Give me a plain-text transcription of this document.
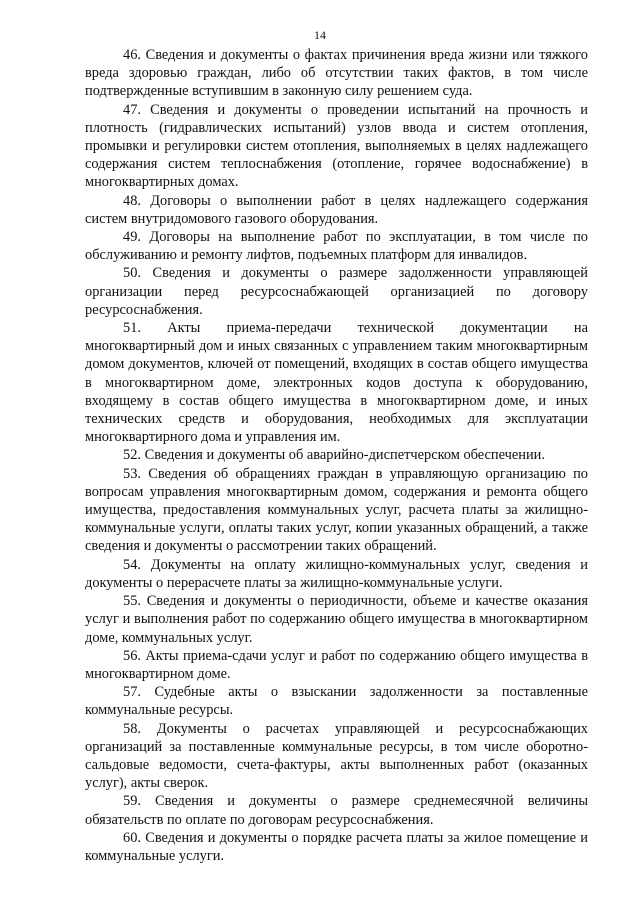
14

46. Сведения и документы о фактах причинения вреда жизни или тяжкого вреда здоровью граждан, либо об отсутствии таких фактов, в том числе подтвержденные вступившим в законную силу решением суда.

47. Сведения и документы о проведении испытаний на прочность и плотность (гидравлических испытаний) узлов ввода и систем отопления, промывки и регулировки систем отопления, выполняемых в целях надлежащего содержания систем теплоснабжения (отопление, горячее водоснабжение) в многоквартирных домах.

48. Договоры о выполнении работ в целях надлежащего содержания систем внутридомового газового оборудования.

49. Договоры на выполнение работ по эксплуатации, в том числе по обслуживанию и ремонту лифтов, подъемных платформ для инвалидов.

50. Сведения и документы о размере задолженности управляющей организации перед ресурсоснабжающей организацией по договору ресурсоснабжения.

51. Акты приема-передачи технической документации на многоквартирный дом и иных связанных с управлением таким многоквартирным домом документов, ключей от помещений, входящих в состав общего имущества в многоквартирном доме, электронных кодов доступа к оборудованию, входящему в состав общего имущества в многоквартирном доме, и иных технических средств и оборудования, необходимых для эксплуатации многоквартирного дома и управления им.

52. Сведения и документы об аварийно-диспетчерском обеспечении.

53. Сведения об обращениях граждан в управляющую организацию по вопросам управления многоквартирным домом, содержания и ремонта общего имущества, предоставления коммунальных услуг, расчета платы за жилищно-коммунальные услуги, оплаты таких услуг, копии указанных обращений, а также сведения и документы о рассмотрении таких обращений.

54. Документы на оплату жилищно-коммунальных услуг, сведения и документы о перерасчете платы за жилищно-коммунальные услуги.

55. Сведения и документы о периодичности, объеме и качестве оказания услуг и выполнения работ по содержанию общего имущества в многоквартирном доме, коммунальных услуг.

56. Акты приема-сдачи услуг и работ по содержанию общего имущества в многоквартирном доме.

57. Судебные акты о взыскании задолженности за поставленные коммунальные ресурсы.

58. Документы о расчетах управляющей и ресурсоснабжающих организаций за поставленные коммунальные ресурсы, в том числе оборотно-сальдовые ведомости, счета-фактуры, акты выполненных работ (оказанных услуг), акты сверок.

59. Сведения и документы о размере среднемесячной величины обязательств по оплате по договорам ресурсоснабжения.

60. Сведения и документы о порядке расчета платы за жилое помещение и коммунальные услуги.
